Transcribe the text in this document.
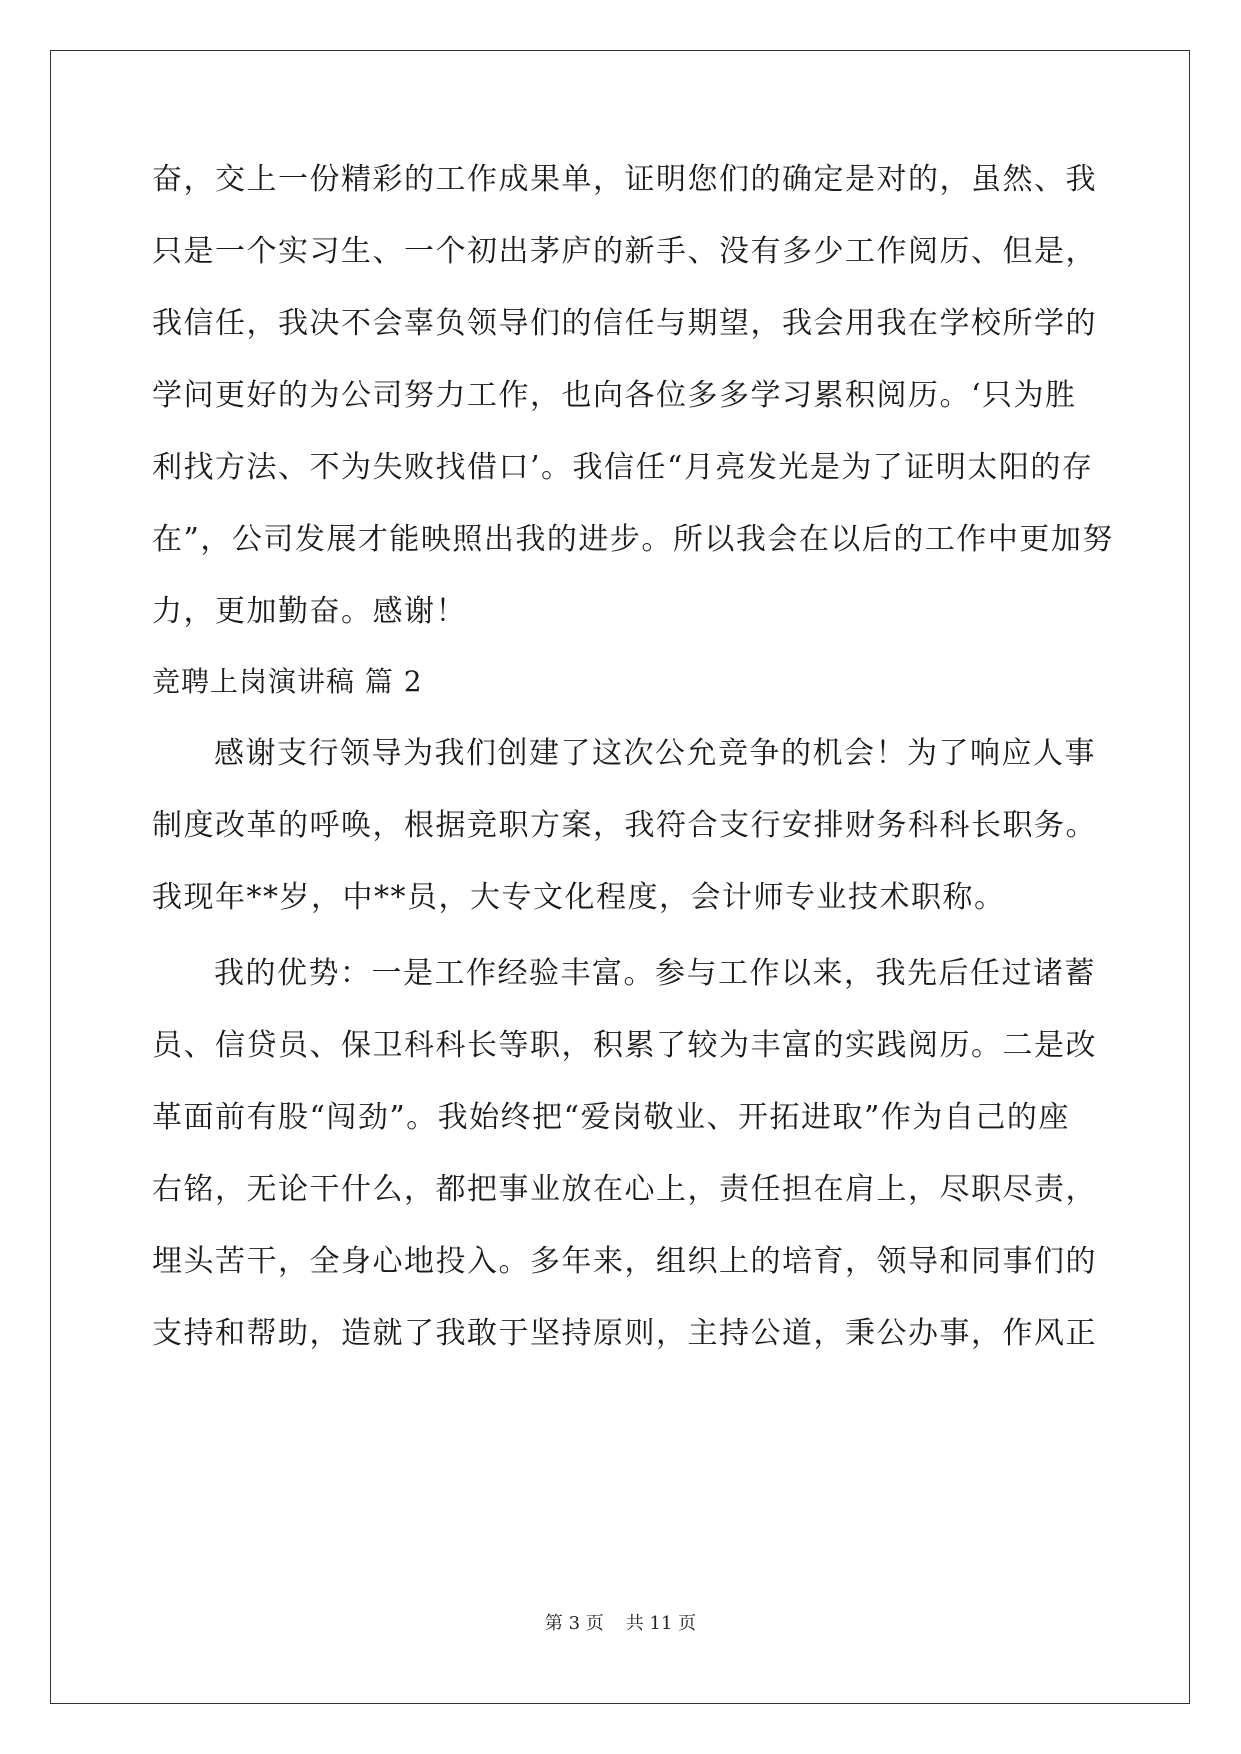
奋，交上一份精彩的工作成果单，证明您们的确定是对的，虽然、我
只是一个实习生、一个初出茅庐的新手、没有多少工作阅历、但是，
我信任，我决不会辜负领导们的信任与期望，我会用我在学校所学的
学问更好的为公司努力工作，也向各位多多学习累积阅历。‘只为胜
利找方法、不为失败找借口’。我信任“月亮发光是为了证明太阳的存
在”，公司发展才能映照出我的进步。所以我会在以后的工作中更加努
力，更加勤奋。感谢！
竞聘上岗演讲稿 篇 2
感谢支行领导为我们创建了这次公允竞争的机会！为了响应人事
制度改革的呼唤，根据竞职方案，我符合支行安排财务科科长职务。
我现年**岁，中**员，大专文化程度，会计师专业技术职称。
我的优势：一是工作经验丰富。参与工作以来，我先后任过诸蓄
员、信贷员、保卫科科长等职，积累了较为丰富的实践阅历。二是改
革面前有股“闯劲”。我始终把“爱岗敬业、开拓进取”作为自己的座
右铭，无论干什么，都把事业放在心上，责任担在肩上，尽职尽责，
埋头苦干，全身心地投入。多年来，组织上的培育，领导和同事们的
支持和帮助，造就了我敢于坚持原则，主持公道，秉公办事，作风正
第 3 页 共 11 页
